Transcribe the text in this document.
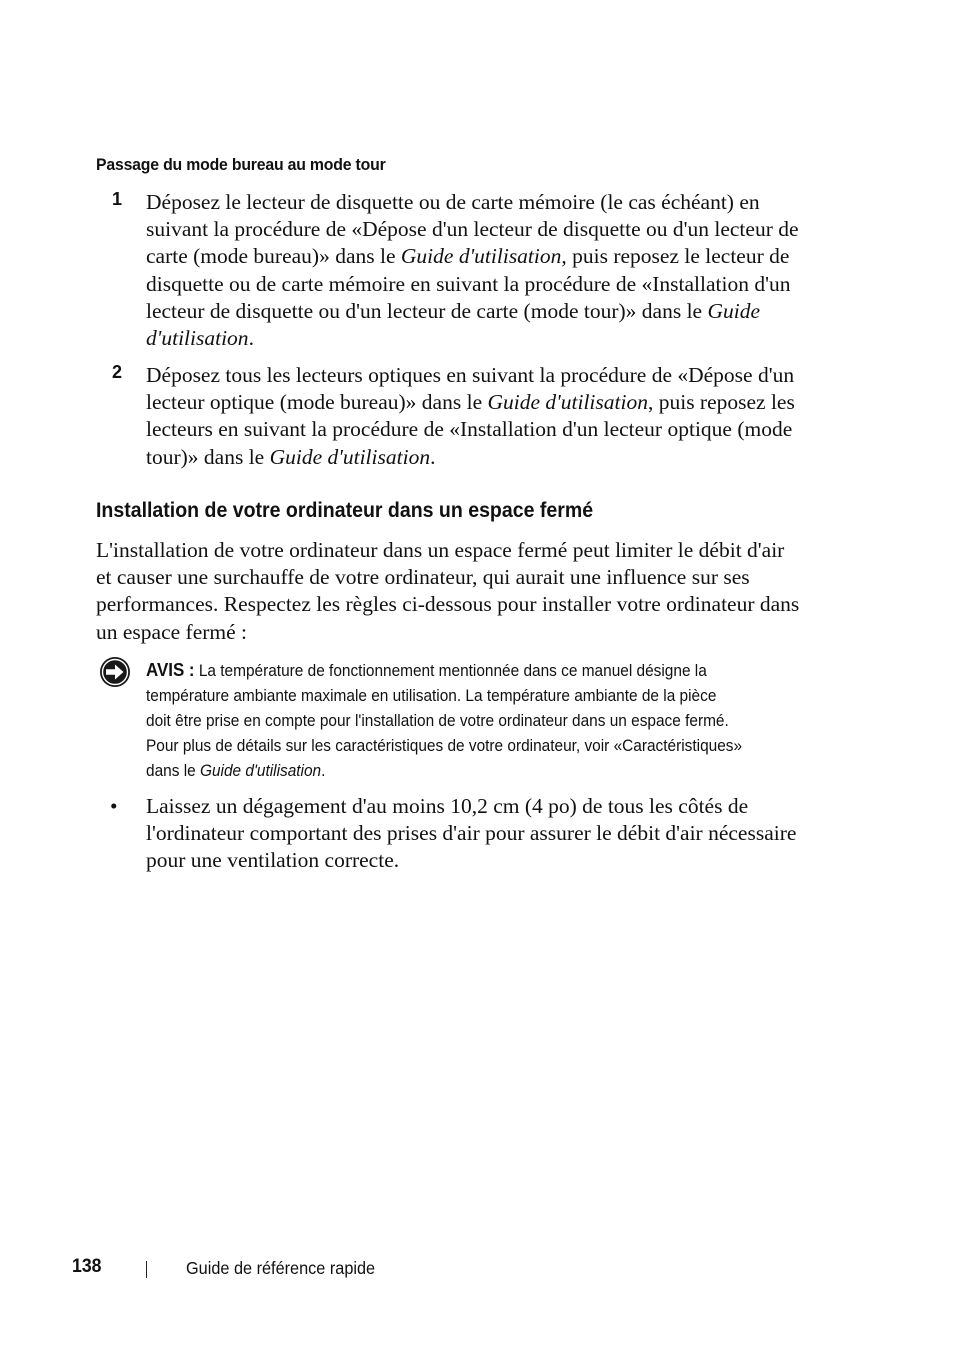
Passage du mode bureau au mode tour
1 Déposez le lecteur de disquette ou de carte mémoire (le cas échéant) en
suivant la procédure de «Dépose d'un lecteur de disquette ou d'un lecteur de
carte (mode bureau)» dans le Guide d'utilisation, puis reposez le lecteur de
disquette ou de carte mémoire en suivant la procédure de «Installation d'un
lecteur de disquette ou d'un lecteur de carte (mode tour)» dans le Guide
d'utilisation.
2 Déposez tous les lecteurs optiques en suivant la procédure de «Dépose d'un
lecteur optique (mode bureau)» dans le Guide d'utilisation, puis reposez les
lecteurs en suivant la procédure de «Installation d'un lecteur optique (mode
tour)» dans le Guide d'utilisation.
Installation de votre ordinateur dans un espace fermé
L'installation de votre ordinateur dans un espace fermé peut limiter le débit d'air
et causer une surchauffe de votre ordinateur, qui aurait une influence sur ses
performances. Respectez les règles ci-dessous pour installer votre ordinateur dans
un espace fermé :
AVIS : La température de fonctionnement mentionnée dans ce manuel désigne la
température ambiante maximale en utilisation. La température ambiante de la pièce
doit être prise en compte pour l'installation de votre ordinateur dans un espace fermé.
Pour plus de détails sur les caractéristiques de votre ordinateur, voir «Caractéristiques»
dans le Guide d'utilisation.
• Laissez un dégagement d'au moins 10,2 cm (4 po) de tous les côtés de
l'ordinateur comportant des prises d'air pour assurer le débit d'air nécessaire
pour une ventilation correcte.
138	Guide de référence rapide
